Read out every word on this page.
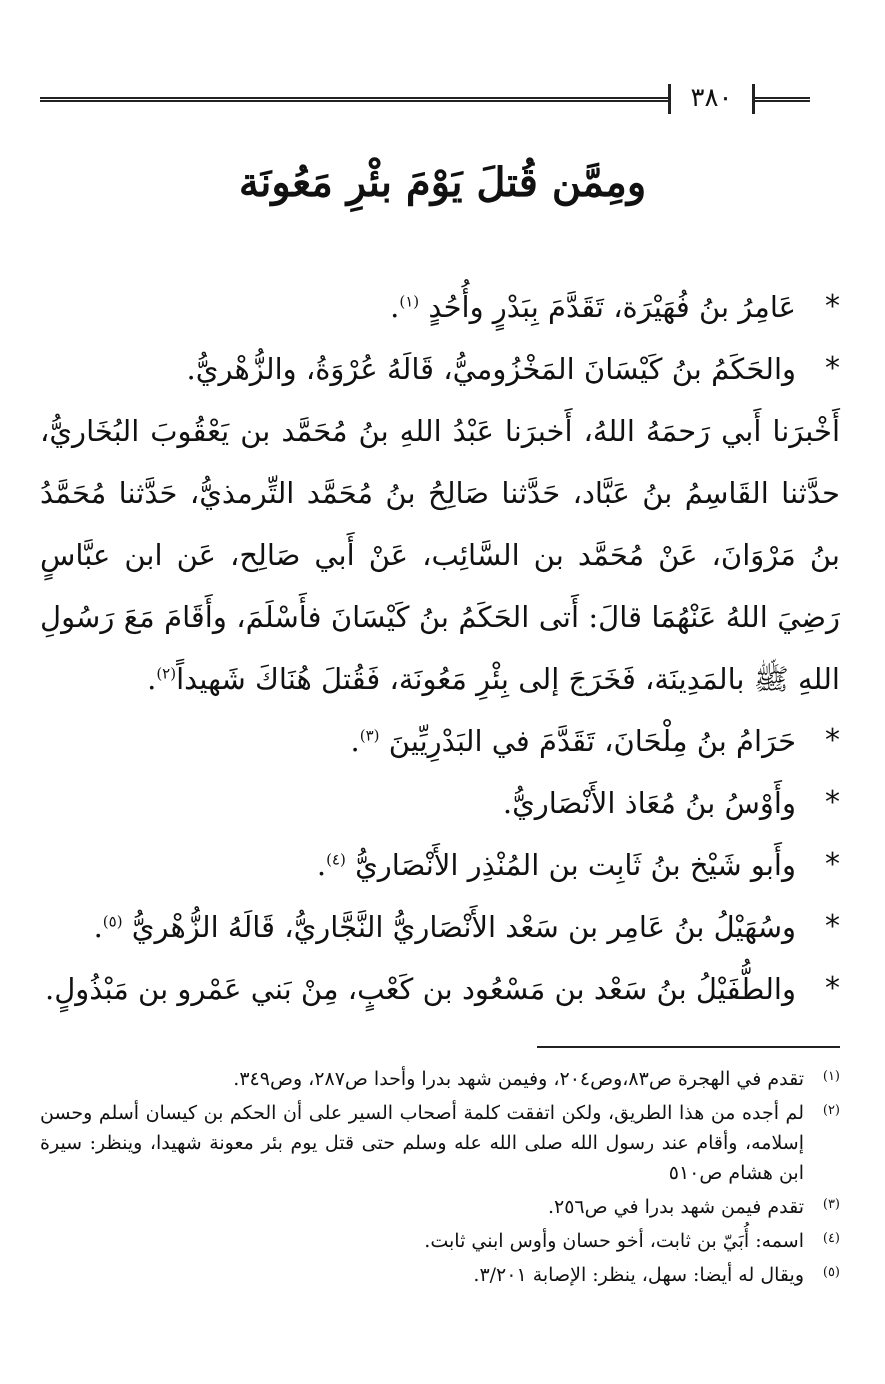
٣٨٠
ومِمَّن قُتلَ يَوْمَ بئْرِ مَعُونَة
*
عَامِرُ بنُ فُهَيْرَة، تَقَدَّمَ بِبَدْرٍ وأُحُدٍ $^{(١)}$.
*
والحَكَمُ بنُ كَيْسَانَ المَخْزُوميُّ، قَالَهُ عُرْوَةُ، والزُّهْريُّ.
أَخْبرَنا أَبي رَحمَهُ اللهُ، أَخبرَنا عَبْدُ اللهِ بنُ مُحَمَّد بن يَعْقُوبَ البُخَاريُّ، حدَّثنا القَاسِمُ بنُ عَبَّاد، حَدَّثنا صَالِحُ بنُ مُحَمَّد التِّرمذيُّ، حَدَّثنا مُحَمَّدُ بنُ مَرْوَانَ، عَنْ مُحَمَّد بن السَّائِب، عَنْ أَبي صَالِح، عَن ابن عبَّاسٍ رَضِيَ اللهُ عَنْهُمَا قالَ: أَتى الحَكَمُ بنُ كَيْسَانَ فأَسْلَمَ، وأَقَامَ مَعَ رَسُولِ اللهِ ﷺ بالمَدِينَة، فَخَرَجَ إلى بِئْرِ مَعُونَة، فَقُتلَ هُنَاكَ شَهيداً$^{(٢)}$.
*
حَرَامُ بنُ مِلْحَانَ، تَقَدَّمَ في البَدْرِيِّينَ $^{(٣)}$.
*
وأَوْسُ بنُ مُعَاذ الأَنْصَاريُّ.
*
وأَبو شَيْخ بنُ ثَابِت بن المُنْذِر الأَنْصَاريُّ $^{(٤)}$.
*
وسُهَيْلُ بنُ عَامِر بن سَعْد الأَنْصَاريُّ النَّجَّاريُّ، قَالَهُ الزُّهْريُّ $^{(٥)}$.
*
والطُّفَيْلُ بنُ سَعْد بن مَسْعُود بن كَعْبٍ، مِنْ بَني عَمْرو بن مَبْذُولٍ.
(١)
تقدم في الهجرة ص٨٣،وص٢٠٤، وفيمن شهد بدرا وأحدا ص٢٨٧، وص٣٤٩.
(٢)
لم أجده من هذا الطريق، ولكن اتفقت كلمة أصحاب السير على أن الحكم بن كيسان أسلم وحسن إسلامه، وأقام عند رسول الله صلى الله عله وسلم حتى قتل يوم بئر معونة شهيدا، وينظر: سيرة ابن هشام ص٥١٠
(٣)
تقدم فيمن شهد بدرا في ص٢٥٦.
(٤)
اسمه: أُبَيّ بن ثابت، أخو حسان وأوس ابني ثابت.
(٥)
ويقال له أيضا: سهل، ينظر: الإصابة ٣/٢٠١.
